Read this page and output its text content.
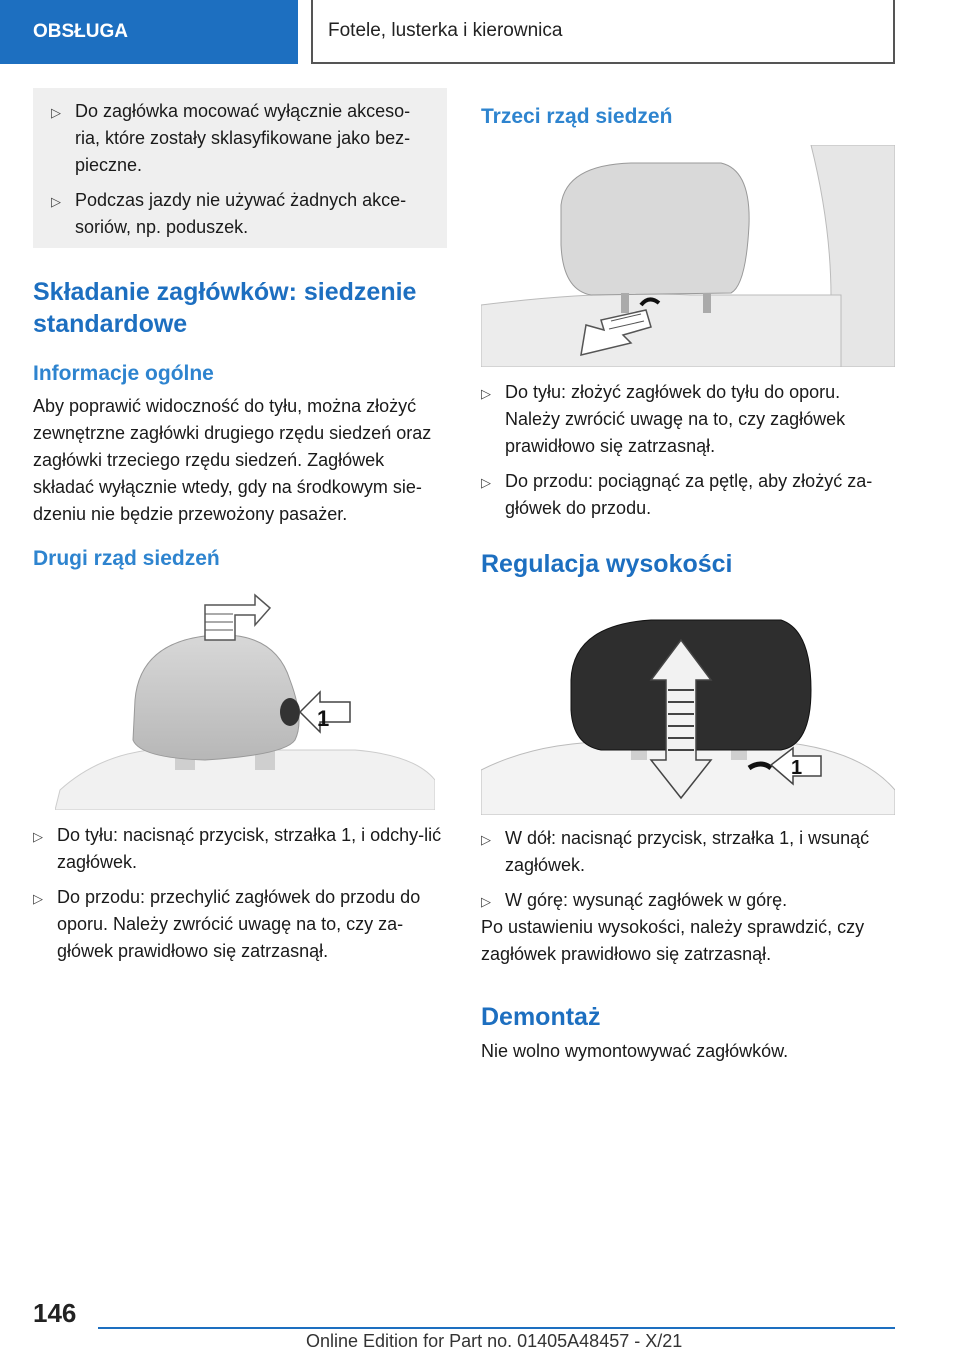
OBSŁUGA	Fotele, lusterka i kierownica
▷ Do zagłówka mocować wyłącznie akceso-ria, które zostały sklasyfikowane jako bez-pieczne.
▷ Podczas jazdy nie używać żadnych akce-soriów, np. poduszek.
Składanie zagłówków: siedzenie standardowe
Informacje ogólne
Aby poprawić widoczność do tyłu, można złożyć zewnętrzne zagłówki drugiego rzędu siedzeń oraz zagłówki trzeciego rzędu siedzeń. Zagłówek składać wyłącznie wtedy, gdy na środkowym sie-dzeniu nie będzie przewożony pasażer.
Drugi rząd siedzeń
1
▷ Do tyłu: nacisnąć przycisk, strzałka 1, i odchy-lić zagłówek.
▷ Do przodu: przechylić zagłówek do przodu do oporu. Należy zwrócić uwagę na to, czy za-główek prawidłowo się zatrzasnął.
Trzeci rząd siedzeń
▷ Do tyłu: złożyć zagłówek do tyłu do oporu. Należy zwrócić uwagę na to, czy zagłówek prawidłowo się zatrzasnął.
▷ Do przodu: pociągnąć za pętlę, aby złożyć za-główek do przodu.
Regulacja wysokości
1
▷ W dół: nacisnąć przycisk, strzałka 1, i wsunąć zagłówek.
▷ W górę: wysunąć zagłówek w górę.
Po ustawieniu wysokości, należy sprawdzić, czy zagłówek prawidłowo się zatrzasnął.
Demontaż
Nie wolno wymontowywać zagłówków.
146
Online Edition for Part no. 01405A48457 - X/21
